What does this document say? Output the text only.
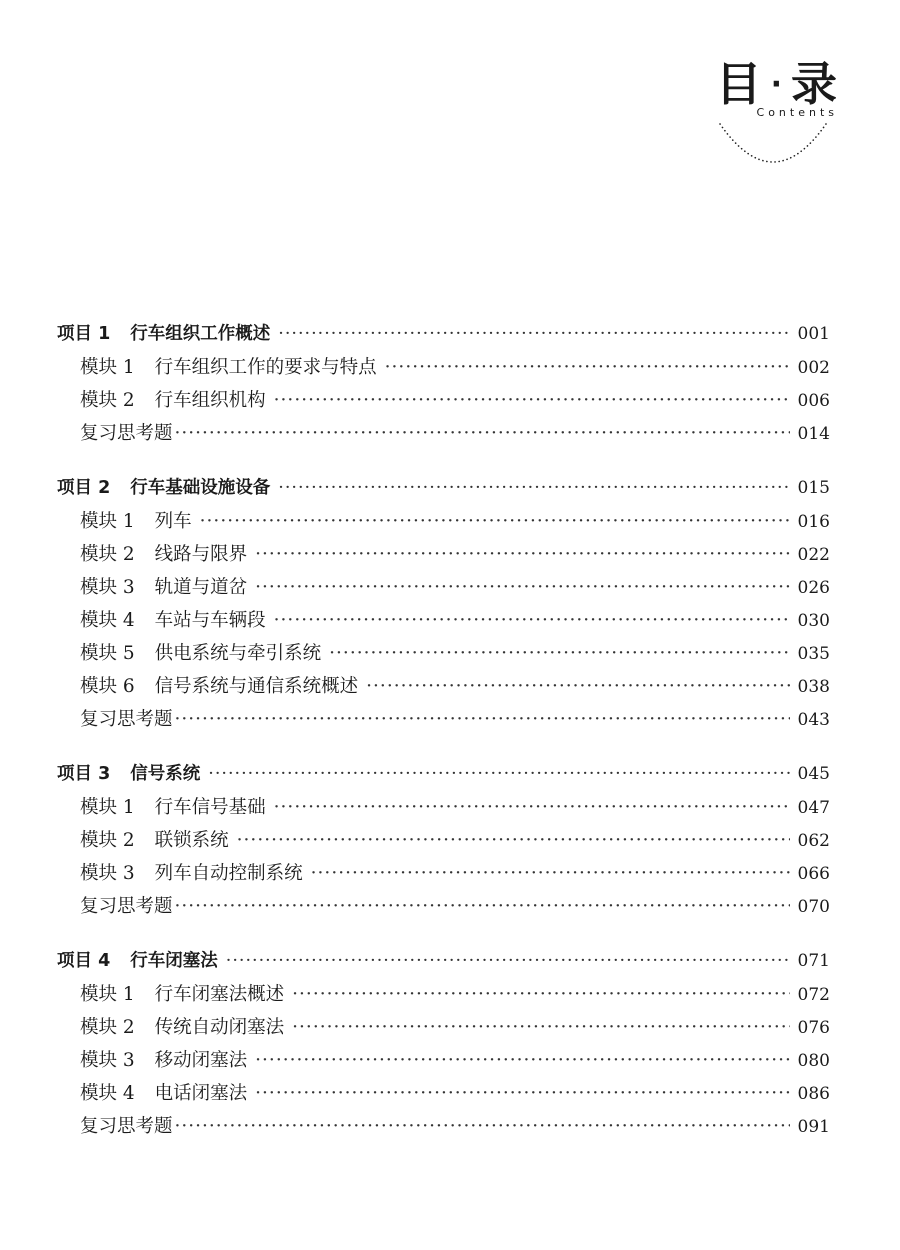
目 · 录
Contents
项目 1 行车组织工作概述 ·····	001
模块 1 行车组织工作的要求与特点 ·····	002
模块 2 行车组织机构 ·····	006
复习思考题 ·····	014
项目 2 行车基础设施设备 ·····	015
模块 1 列车 ·····	016
模块 2 线路与限界 ·····	022
模块 3 轨道与道岔 ·····	026
模块 4 车站与车辆段 ·····	030
模块 5 供电系统与牵引系统 ·····	035
模块 6 信号系统与通信系统概述 ·····	038
复习思考题 ·····	043
项目 3 信号系统 ·····	045
模块 1 行车信号基础 ·····	047
模块 2 联锁系统 ·····	062
模块 3 列车自动控制系统 ·····	066
复习思考题 ·····	070
项目 4 行车闭塞法 ·····	071
模块 1 行车闭塞法概述 ·····	072
模块 2 传统自动闭塞法 ·····	076
模块 3 移动闭塞法 ·····	080
模块 4 电话闭塞法 ·····	086
复习思考题 ·····	091
